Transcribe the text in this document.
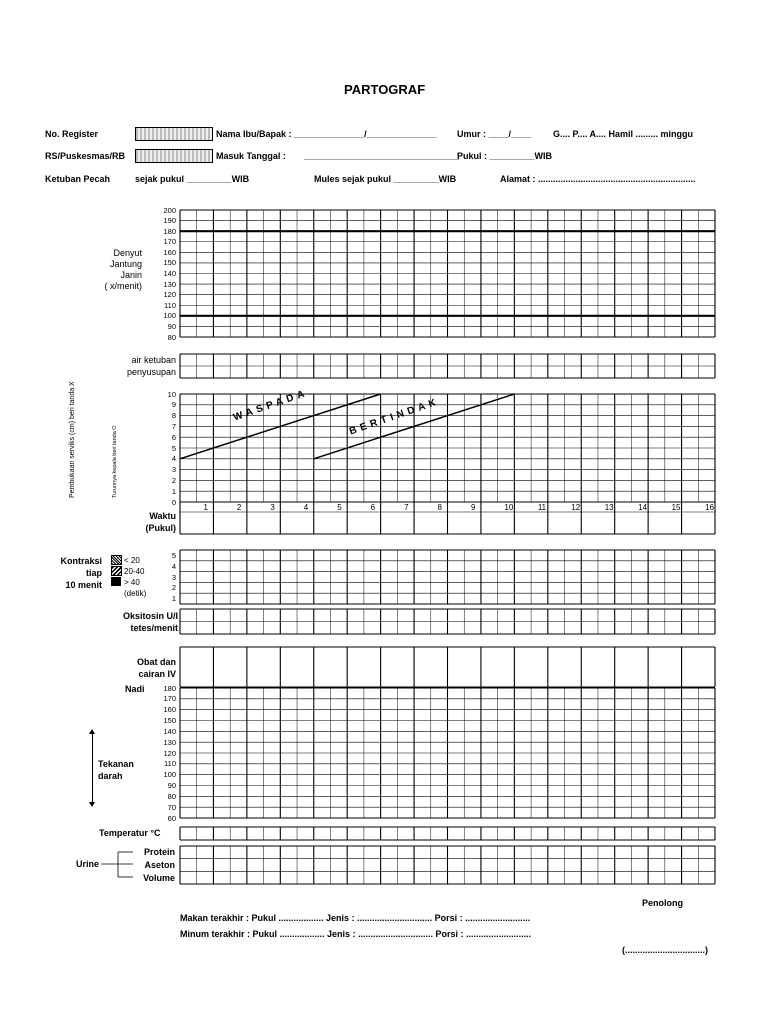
PARTOGRAF
No. Register	Nama Ibu/Bapak : ______________/______________ Umur : ____/____ G.... P.... A.... Hamil ......... minggu
RS/Puskesmas/RB	Masuk Tanggal : _______________________________
Pukul : _________WIB
Ketuban Pecah	sejak pukul _________WIB	Mules sejak pukul _________WIB	Alamat : ...............................................................
Denyut
Jantung
Janin
( x/menit)
200
190
180
170
160
150
140
130
120
110
100
90
80
air ketuban
penyusupan
10
9
8
7
6
5
4
3
2
1
0
Pembukaan serviks (cm) beri tanda X	Turunnya kepala beri tanda O
WASPADA	BERTINDAK
Waktu
(Pukul)
1	2	3	4	5	6	7	8	9	10	11	12	13	14	15	16
Kontraksi
tiap
10 menit
< 20
20-40
> 40
(detik)
5
4
3
2
1
Oksitosin U/I
tetes/menit
Obat dan
cairan IV
Nadi	180
170
160
150
140
130
120
110
100
90
80
70
60
Tekanan
darah
Temperatur °C
Urine
Protein
Aseton
Volume
Penolong
Makan terakhir : Pukul .................. Jenis : .............................. Porsi : ..........................
Minum terakhir : Pukul .................. Jenis : .............................. Porsi : ..........................
(................................)
